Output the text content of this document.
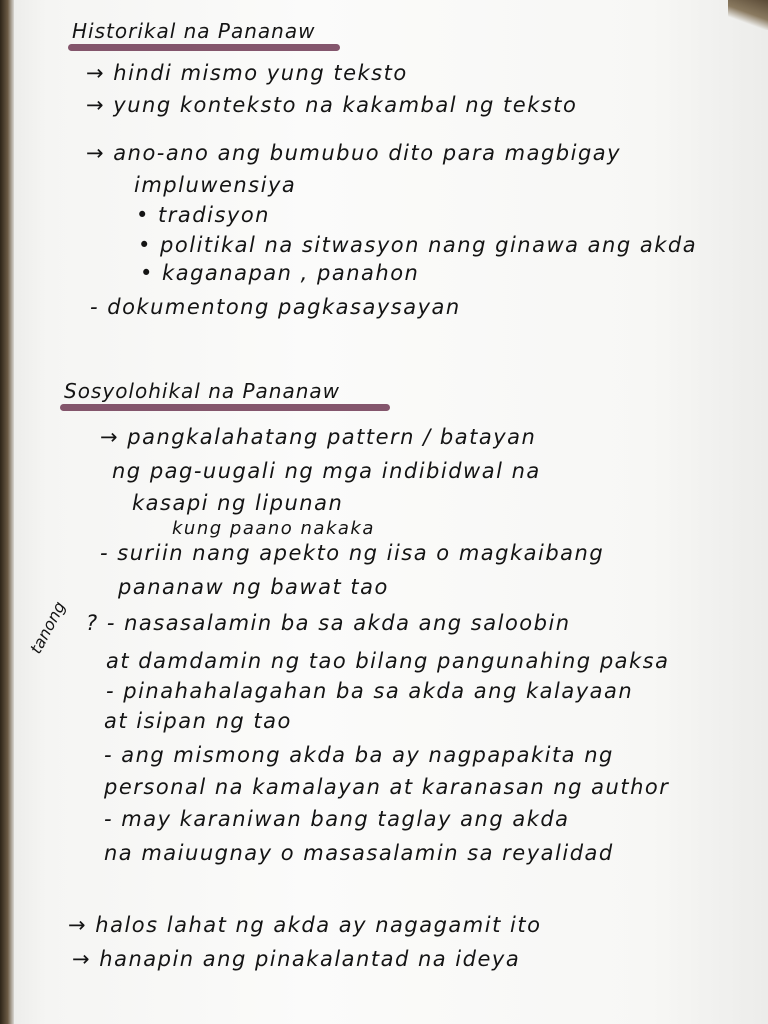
Historikal na Pananaw
→ hindi mismo yung teksto
→ yung konteksto na kakambal ng teksto
→ ano-ano ang bumubuo dito para magbigay
impluwensiya
• tradisyon
• politikal na sitwasyon nang ginawa ang akda
• kaganapan , panahon
- dokumentong pagkasaysayan
Sosyolohikal na Pananaw
→ pangkalahatang pattern / batayan
ng pag-uugali ng mga indibidwal na
kasapi ng lipunan
kung paano nakaka
- suriin nang apekto ng iisa o magkaibang
pananaw ng bawat tao
? - nasasalamin ba sa akda ang saloobin
at damdamin ng tao bilang pangunahing paksa
- pinahahalagahan ba sa akda ang kalayaan
at isipan ng tao
- ang mismong akda ba ay nagpapakita ng
personal na kamalayan at karanasan ng author
- may karaniwan bang taglay ang akda
na maiuugnay o masasalamin sa reyalidad
tanong
→ halos lahat ng akda ay nagagamit ito
→ hanapin ang pinakalantad na ideya
